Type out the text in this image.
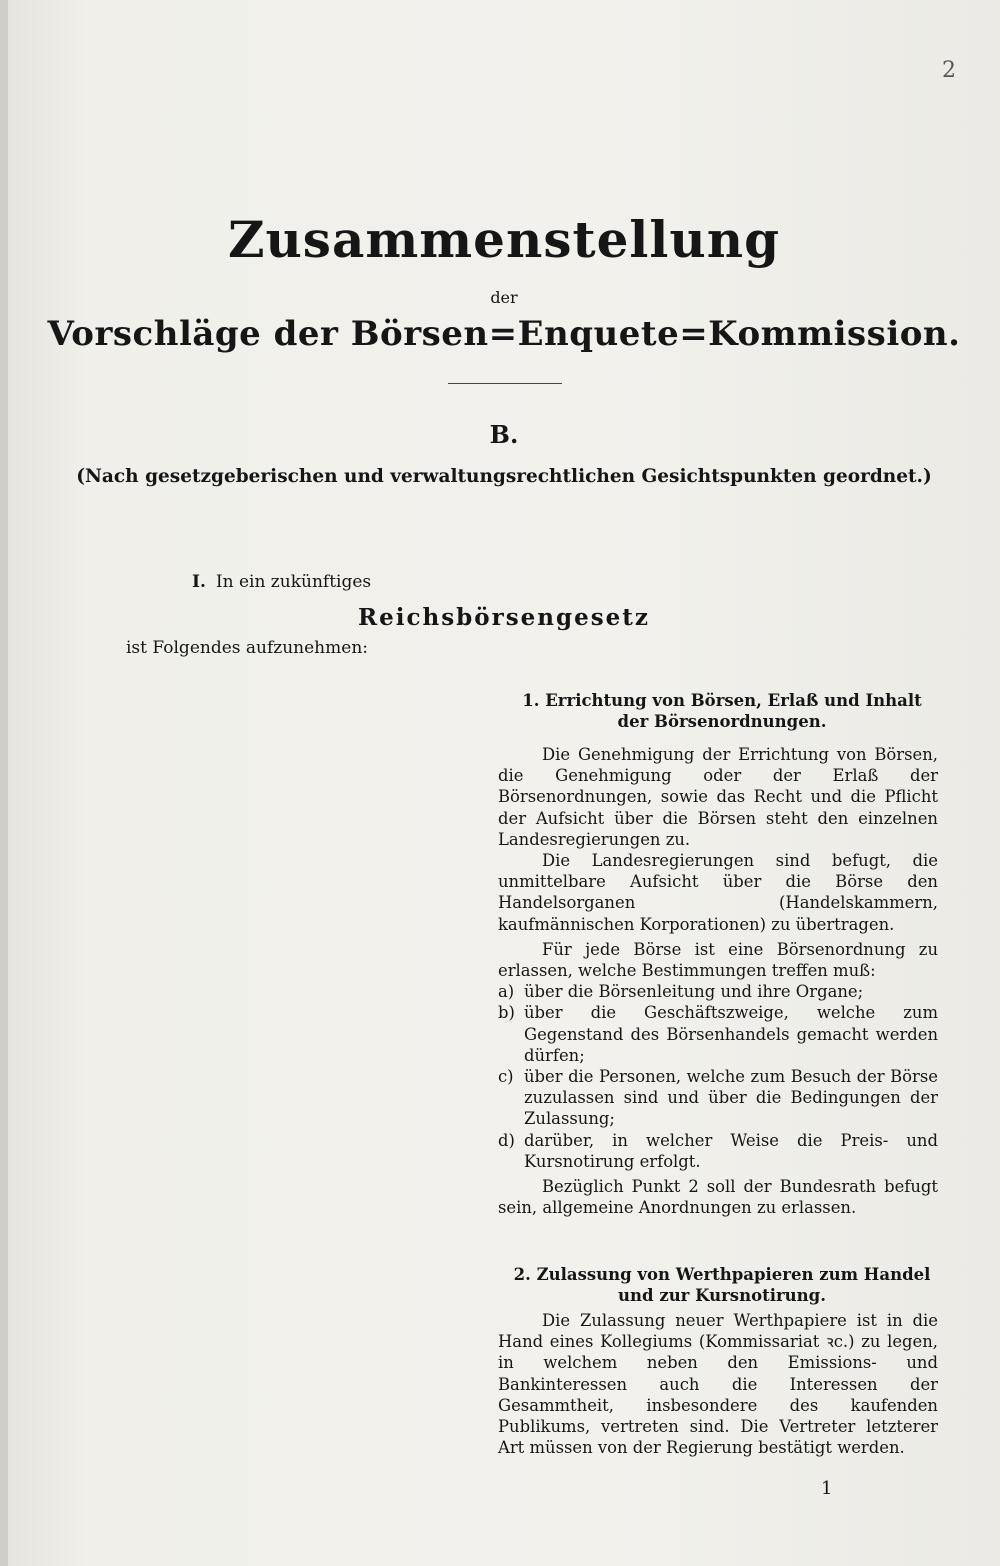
2
Zusammenstellung
der
Vorschläge der Börsen=Enquete=Kommission.
B.
(Nach gesetzgeberischen und verwaltungsrechtlichen Gesichtspunkten geordnet.)
I. In ein zukünftiges
Reichsbörsengesetz
ist Folgendes aufzunehmen:
1. Errichtung von Börsen, Erlaß und Inhalt der Börsenordnungen.

Die Genehmigung der Errichtung von Börsen, die Genehmigung oder der Erlaß der Börsenordnungen, sowie das Recht und die Pflicht der Aufsicht über die Börsen steht den einzelnen Landesregierungen zu.

Die Landesregierungen sind befugt, die unmittelbare Aufsicht über die Börse den Handelsorganen (Handelskammern, kaufmännischen Korporationen) zu übertragen.

Für jede Börse ist eine Börsenordnung zu erlassen, welche Bestimmungen treffen muß:

a) über die Börsenleitung und ihre Organe;
b) über die Geschäftszweige, welche zum Gegenstand des Börsenhandels gemacht werden dürfen;
c) über die Personen, welche zum Besuch der Börse zuzulassen sind und über die Bedingungen der Zulassung;
d) darüber, in welcher Weise die Preis- und Kursnotirung erfolgt.

Bezüglich Punkt 2 soll der Bundesrath befugt sein, allgemeine Anordnungen zu erlassen.

2. Zulassung von Werthpapieren zum Handel und zur Kursnotirung.

Die Zulassung neuer Werthpapiere ist in die Hand eines Kollegiums (Kommissariat ꝛc.) zu legen, in welchem neben den Emissions- und Bankinteressen auch die Interessen der Gesammtheit, insbesondere des kaufenden Publikums, vertreten sind. Die Vertreter letzterer Art müssen von der Regierung bestätigt werden.

1
